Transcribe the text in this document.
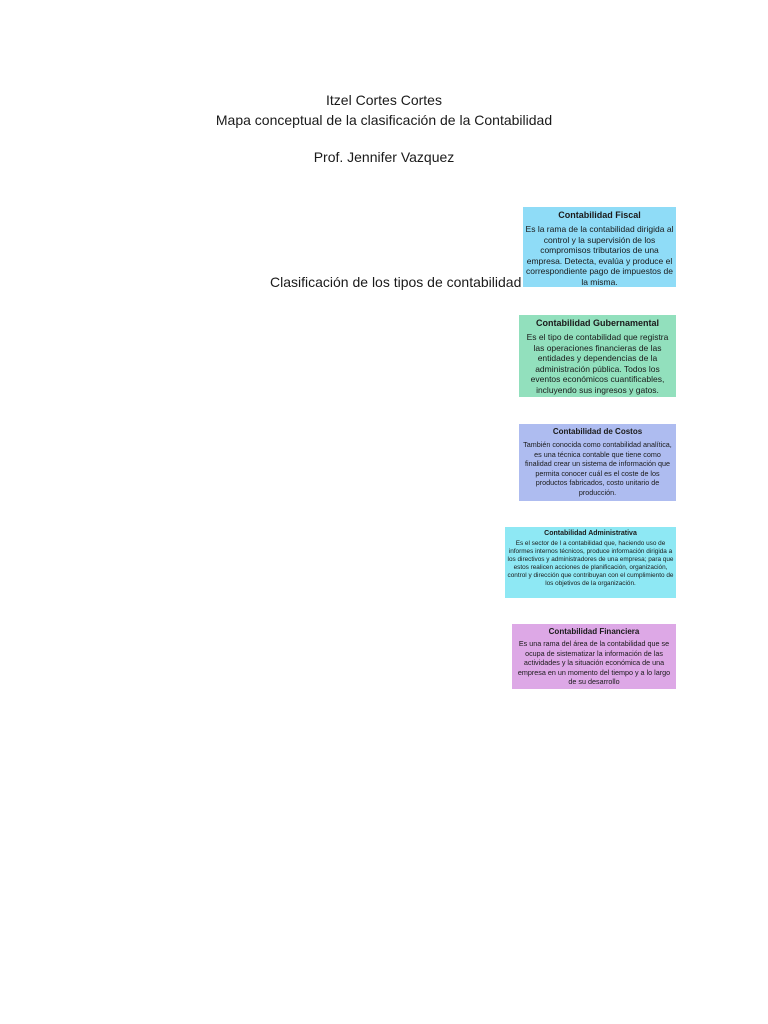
Itzel Cortes Cortes
Mapa conceptual de la clasificación de la Contabilidad
Prof. Jennifer Vazquez
Clasificación de los tipos de contabilidad
Contabilidad Fiscal
Es la rama de la contabilidad dirigida al control y la supervisión de los compromisos tributarios de una empresa. Detecta, evalúa y produce el correspondiente pago de impuestos de la misma.
Contabilidad Gubernamental
Es el tipo de contabilidad que registra las operaciones financieras de las entidades y dependencias de la administración pública. Todos los eventos económicos cuantificables, incluyendo sus ingresos y gatos.
Contabilidad de Costos
También conocida como contabilidad analítica, es una técnica contable que tiene como finalidad crear un sistema de información que permita conocer cuál es el coste de los productos fabricados, costo unitario de producción.
Contabilidad Administrativa
Es el sector de l a contabilidad que, haciendo uso de informes internos técnicos, produce información dirigida a los directivos y administradores de una empresa; para que estos realicen acciones de planificación, organización, control y dirección que contribuyan con el cumplimiento de los objetivos de la organización.
Contabilidad Financiera
Es una rama del área de la contabilidad que se ocupa de sistematizar la información de las actividades y la situación económica de una empresa en un momento del tiempo y a lo largo de su desarrollo
